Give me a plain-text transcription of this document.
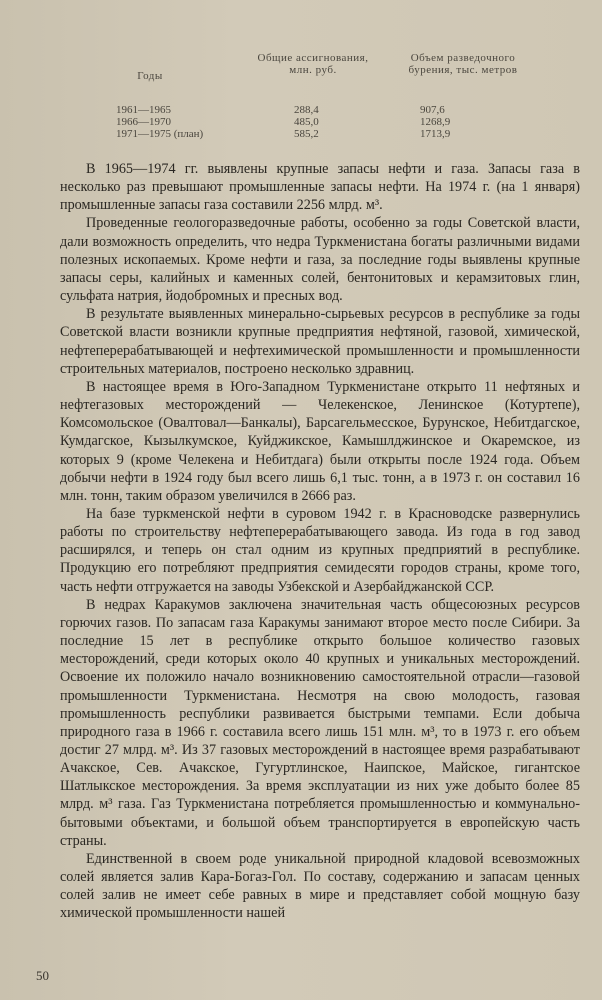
Годы
Общие ассигнования, млн. руб.
Объем разведочного бурения, тыс. метров
1961—1965	288,4	907,6
1966—1970	485,0	1268,9
1971—1975 (план)	585,2	1713,9

В 1965—1974 гг. выявлены крупные запасы нефти и газа. Запасы газа в несколько раз превышают промышленные запасы нефти. На 1974 г. (на 1 января) промышленные запасы газа составили 2256 млрд. м³.

Проведенные геологоразведочные работы, особенно за годы Советской власти, дали возможность определить, что недра Туркменистана богаты различными видами полезных ископаемых. Кроме нефти и газа, за последние годы выявлены крупные запасы серы, калийных и каменных солей, бентонитовых и керамзитовых глин, сульфата натрия, йодобромных и пресных вод.

В результате выявленных минерально-сырьевых ресурсов в республике за годы Советской власти возникли крупные предприятия нефтяной, газовой, химической, нефтеперерабатывающей и нефтехимической промышленности и промышленности строительных материалов, построено несколько здравниц.

В настоящее время в Юго-Западном Туркменистане открыто 11 нефтяных и нефтегазовых месторождений — Челекенское, Ленинское (Котуртепе), Комсомольское (Овалтовал—Банкалы), Барсагельмесское, Бурунское, Небитдагское, Кумдагское, Кызылкумское, Куйджикское, Камышлджинское и Окаремское, из которых 9 (кроме Челекена и Небитдага) были открыты после 1924 года. Объем добычи нефти в 1924 году был всего лишь 6,1 тыс. тонн, а в 1973 г. он составил 16 млн. тонн, таким образом увеличился в 2666 раз.

На базе туркменской нефти в суровом 1942 г. в Красноводске развернулись работы по строительству нефтеперерабатывающего завода. Из года в год завод расширялся, и теперь он стал одним из крупных предприятий в республике. Продукцию его потребляют предприятия семидесяти городов страны, кроме того, часть нефти отгружается на заводы Узбекской и Азербайджанской ССР.

В недрах Каракумов заключена значительная часть общесоюзных ресурсов горючих газов. По запасам газа Каракумы занимают второе место после Сибири. За последние 15 лет в республике открыто большое количество газовых месторождений, среди которых около 40 крупных и уникальных месторождений. Освоение их положило начало возникновению самостоятельной отрасли—газовой промышленности Туркменистана. Несмотря на свою молодость, газовая промышленность республики развивается быстрыми темпами. Если добыча природного газа в 1966 г. составила всего лишь 151 млн. м³, то в 1973 г. его объем достиг 27 млрд. м³. Из 37 газовых месторождений в настоящее время разрабатывают Ачакское, Сев. Ачакское, Гугуртлинское, Наипское, Майское, гигантское Шатлыкское месторождения. За время эксплуатации из них уже добыто более 85 млрд. м³ газа. Газ Туркменистана потребляется промышленностью и коммунально-бытовыми объектами, и большой объем транспортируется в европейскую часть страны.

Единственной в своем роде уникальной природной кладовой всевозможных солей является залив Кара-Богаз-Гол. По составу, содержанию и запасам ценных солей залив не имеет себе равных в мире и представляет собой мощную базу химической промышленности нашей

50
